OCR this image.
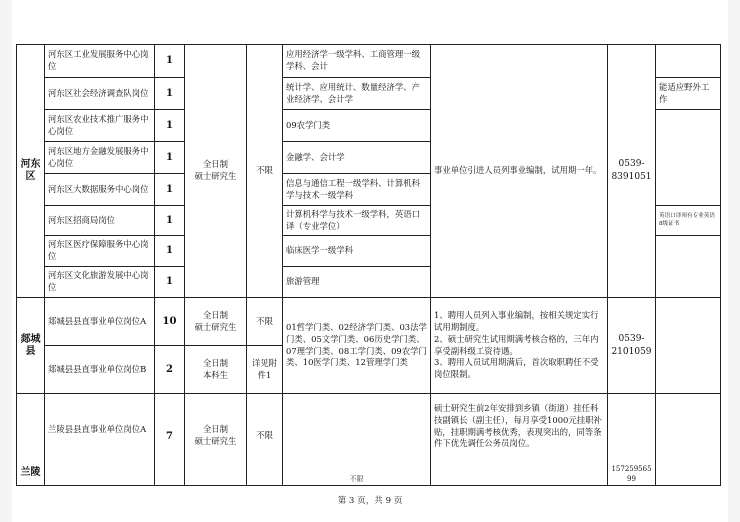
河东区	河东区工业发展服务中心岗位	1	全日制
硕士研究生	不限	应用经济学一级学科、工商管理一级学科、会计	事业单位引进人员列事业编制，试用期一年。	0539-
8391051	
	河东区社会经济调查队岗位	1			统计学、应用统计、数量经济学、产业经济学、会计学			能适应野外工作
	河东区农业技术推广服务中心岗位	1			09农学门类			
	河东区地方金融发展服务中心岗位	1			金融学、会计学			
	河东区大数据服务中心岗位	1			信息与通信工程一级学科、计算机科学与技术一级学科			
	河东区招商局岗位	1			计算机科学与技术一级学科，英语口译（专业学位）			英语口译须有专业英语8级证书
	河东区医疗保障服务中心岗位	1			临床医学一级学科			
	河东区文化旅游发展中心岗位	1			旅游管理			
郯城县	郯城县县直事业单位岗位A	10	全日制
硕士研究生	不限	01哲学门类、02经济学门类、03法学门类、05文学门类、06历史学门类、07理学门类、08工学门类、09农学门类、10医学门类、12管理学门类	1、聘用人员列入事业编制，按相关规定实行试用期制度。
2、硕士研究生试用期满考核合格的，三年内享受副科级工资待遇。
3、聘用人员试用期满后，首次取职聘任不受岗位限制。	0539-
2101059	
	郯城县县直事业单位岗位B	2	全日制
本科生	详见附件1				
兰陵	兰陵县县直事业单位岗位A	7	全日制
硕士研究生	不限	不限	硕士研究生前2年安排到乡镇（街道）挂任科技副镇长（副主任），每月享受1000元挂职补贴，挂职期满考核优秀，表现突出的，同等条件下优先调任公务员岗位。	15725956599	
第 3 页，共 9 页
